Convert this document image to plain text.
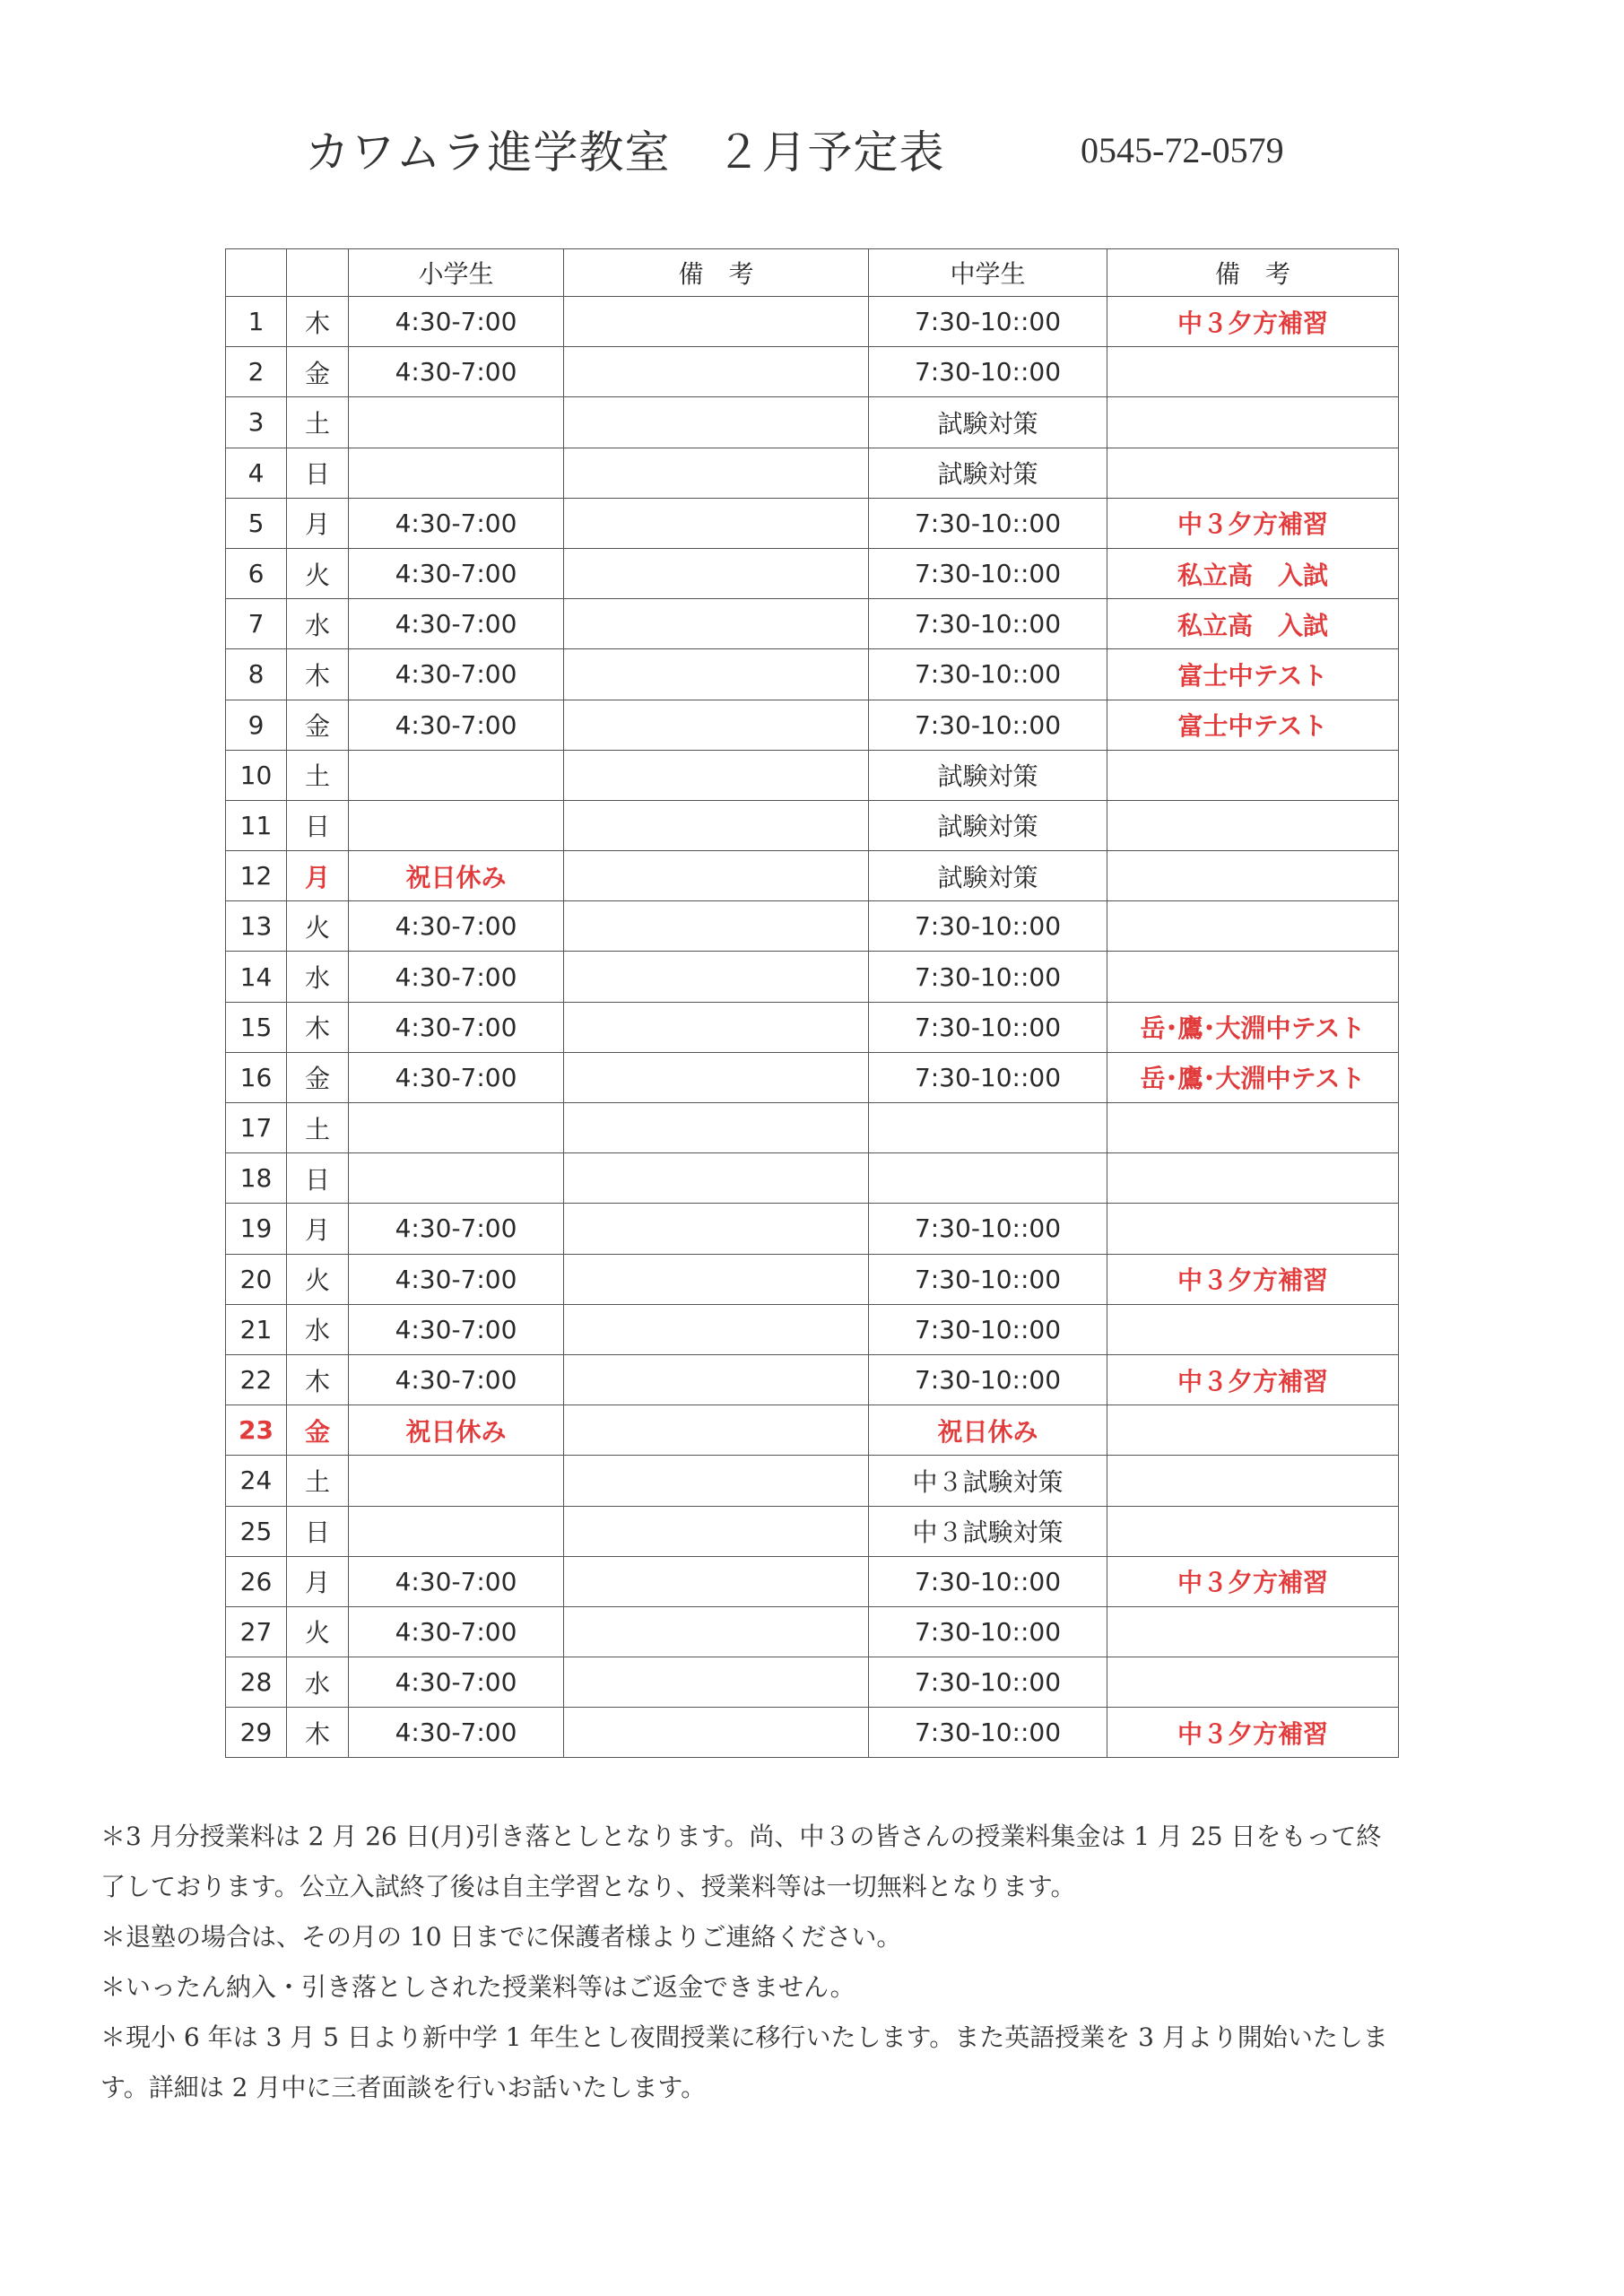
カワムラ進学教室　２月予定表	0545-72-0579
		小学生	備　考	中学生	備　考
1	木	4:30-7:00		7:30-10::00	中３夕方補習
2	金	4:30-7:00		7:30-10::00	
3	土			試験対策	
4	日			試験対策	
5	月	4:30-7:00		7:30-10::00	中３夕方補習
6	火	4:30-7:00		7:30-10::00	私立高　入試
7	水	4:30-7:00		7:30-10::00	私立高　入試
8	木	4:30-7:00		7:30-10::00	富士中テスト
9	金	4:30-7:00		7:30-10::00	富士中テスト
10	土			試験対策	
11	日			試験対策	
12	月	祝日休み		試験対策	
13	火	4:30-7:00		7:30-10::00	
14	水	4:30-7:00		7:30-10::00	
15	木	4:30-7:00		7:30-10::00	岳･鷹･大淵中テスト
16	金	4:30-7:00		7:30-10::00	岳･鷹･大淵中テスト
17	土				
18	日				
19	月	4:30-7:00		7:30-10::00	
20	火	4:30-7:00		7:30-10::00	中３夕方補習
21	水	4:30-7:00		7:30-10::00	
22	木	4:30-7:00		7:30-10::00	中３夕方補習
23	金	祝日休み		祝日休み	
24	土			中３試験対策	
25	日			中３試験対策	
26	月	4:30-7:00		7:30-10::00	中３夕方補習
27	火	4:30-7:00		7:30-10::00	
28	水	4:30-7:00		7:30-10::00	
29	木	4:30-7:00		7:30-10::00	中３夕方補習

＊3 月分授業料は 2 月 26 日(月)引き落としとなります。尚、中３の皆さんの授業料集金は 1 月 25 日をもって終

了しております。公立入試終了後は自主学習となり、授業料等は一切無料となります。

＊退塾の場合は、その月の 10 日までに保護者様よりご連絡ください。

＊いったん納入・引き落としされた授業料等はご返金できません。

＊現小 6 年は 3 月 5 日より新中学 1 年生とし夜間授業に移行いたします。また英語授業を 3 月より開始いたしま

す。詳細は 2 月中に三者面談を行いお話いたします。
